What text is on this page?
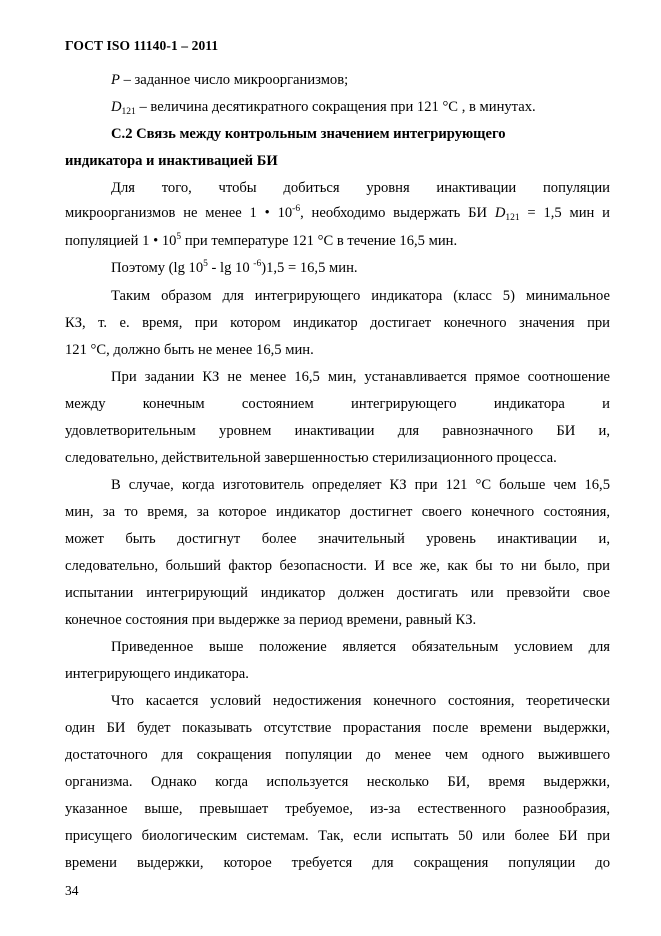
ГОСТ ISO 11140-1 – 2011
P – заданное число микроорганизмов;
$D_{121}$ – величина десятикратного сокращения при 121 °С , в минутах.
С.2 Связь между контрольным значением интегрирующего
индикатора и инактивацией БИ
Для того, чтобы добиться уровня инактивации популяции
микроорганизмов не менее 1 • $10^{-6}$, необходимо выдержать БИ $D_{121} = 1,5$ мин и
популяцией 1 • $10^5$ при температуре 121 °С в течение 16,5 мин.
Поэтому (lg $10^5$ - lg 10 $^{-6}$)1,5 = 16,5 мин.
Таким образом для интегрирующего индикатора (класс 5) минимальное
КЗ, т. е. время, при котором индикатор достигает конечного значения при
121 °С, должно быть не менее 16,5 мин.
При задании КЗ не менее 16,5 мин, устанавливается прямое соотношение
между конечным состоянием интегрирующего индикатора и
удовлетворительным уровнем инактивации для равнозначного БИ и,
следовательно, действительной завершенностью стерилизационного процесса.
В случае, когда изготовитель определяет КЗ при 121 °С больше чем 16,5
мин, за то время, за которое индикатор достигнет своего конечного состояния,
может быть достигнут более значительный уровень инактивации и,
следовательно, больший фактор безопасности. И все же, как бы то ни было, при
испытании интегрирующий индикатор должен достигать или превзойти свое
конечное состояния при выдержке за период времени, равный КЗ.
Приведенное выше положение является обязательным условием для
интегрирующего индикатора.
Что касается условий недостижения конечного состояния, теоретически
один БИ будет показывать отсутствие прорастания после времени выдержки,
достаточного для сокращения популяции до менее чем одного выжившего
организма. Однако когда используется несколько БИ, время выдержки,
указанное выше, превышает требуемое, из-за естественного разнообразия,
присущего биологическим системам. Так, если испытать 50 или более БИ при
времени выдержки, которое требуется для сокращения популяции до
34
